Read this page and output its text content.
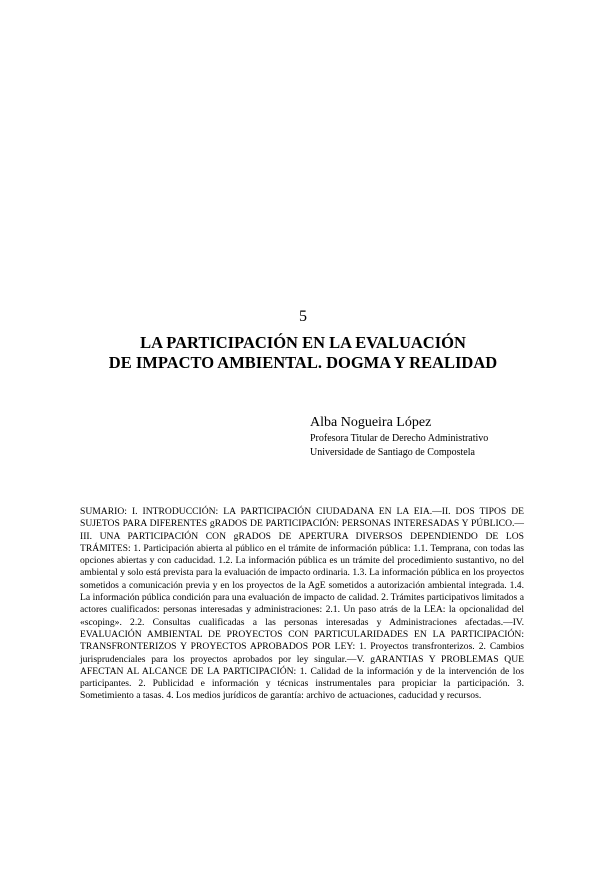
5
LA PARTICIPACIÓN EN LA EVALUACIÓN
DE IMPACTO AMBIENTAL. DOGMA Y REALIDAD
Alba Nogueira López
Profesora Titular de Derecho Administrativo
Universidade de Santiago de Compostela

SUMARIO: I. INTRODUCCIÓN: LA PARTICIPACIÓN CIUDADANA EN LA EIA.—II. DOS TIPOS DE SUJETOS PARA DIFERENTES gRADOS DE PARTICIPACIÓN: PERSONAS INTERESADAS Y PÚBLICO.—III. UNA PARTICIPACIÓN CON gRADOS DE APERTURA DIVERSOS DEPENDIENDO DE LOS TRÁMITES: 1. Participación abierta al público en el trámite de información pública: 1.1. Temprana, con todas las opciones abiertas y con caducidad. 1.2. La información pública es un trámite del procedimiento sustantivo, no del ambiental y solo está prevista para la evaluación de impacto ordinaria. 1.3. La información pública en los proyectos sometidos a comunicación previa y en los proyectos de la AgE sometidos a autorización ambiental integrada. 1.4. La información pública condición para una evaluación de impacto de calidad. 2. Trámites participativos limitados a actores cualificados: personas interesadas y administraciones: 2.1. Un paso atrás de la LEA: la opcionalidad del «scoping». 2.2. Consultas cualificadas a las personas interesadas y Administraciones afectadas.—IV. EVALUACIÓN AMBIENTAL DE PROYECTOS CON PARTICULARIDADES EN LA PARTICIPACIÓN: TRANSFRONTERIZOS Y PROYECTOS APROBADOS POR LEY: 1. Proyectos transfronterizos. 2. Cambios jurisprudenciales para los proyectos aprobados por ley singular.—V. gARANTIAS Y PROBLEMAS QUE AFECTAN AL ALCANCE DE LA PARTICIPACIÓN: 1. Calidad de la información y de la intervención de los participantes. 2. Publicidad e información y técnicas instrumentales para propiciar la participación. 3. Sometimiento a tasas. 4. Los medios jurídicos de garantía: archivo de actuaciones, caducidad y recursos.
